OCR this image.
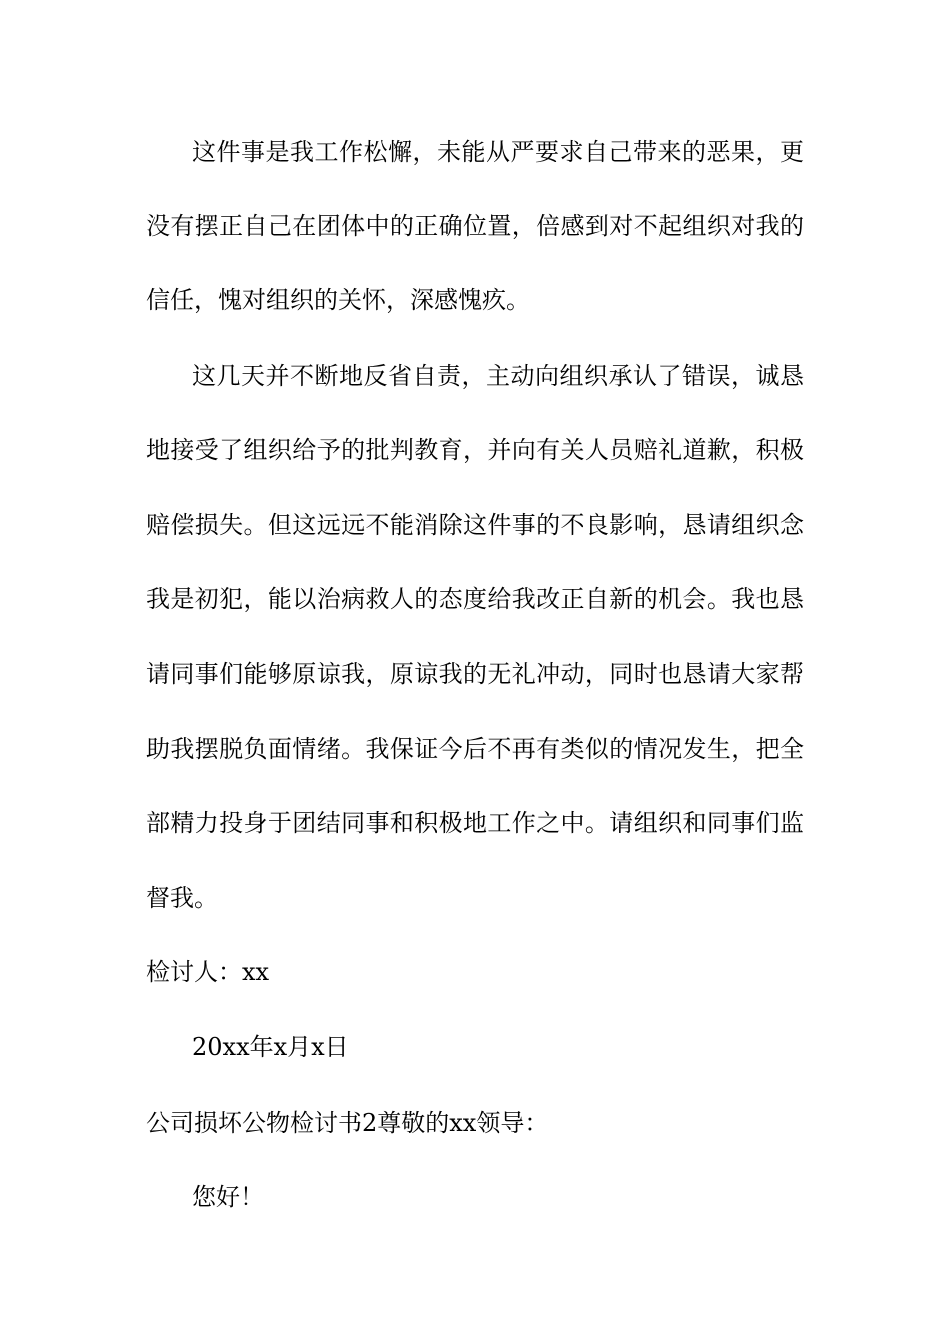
这件事是我工作松懈，未能从严要求自己带来的恶果，更
没有摆正自己在团体中的正确位置，倍感到对不起组织对我的
信任，愧对组织的关怀，深感愧疚。
这几天并不断地反省自责，主动向组织承认了错误，诚恳
地接受了组织给予的批判教育，并向有关人员赔礼道歉，积极
赔偿损失。但这远远不能消除这件事的不良影响，恳请组织念
我是初犯，能以治病救人的态度给我改正自新的机会。我也恳
请同事们能够原谅我，原谅我的无礼冲动，同时也恳请大家帮
助我摆脱负面情绪。我保证今后不再有类似的情况发生，把全
部精力投身于团结同事和积极地工作之中。请组织和同事们监
督我。
检讨人：xx
20xx年x月x日
公司损坏公物检讨书2尊敬的xx领导：
您好！
